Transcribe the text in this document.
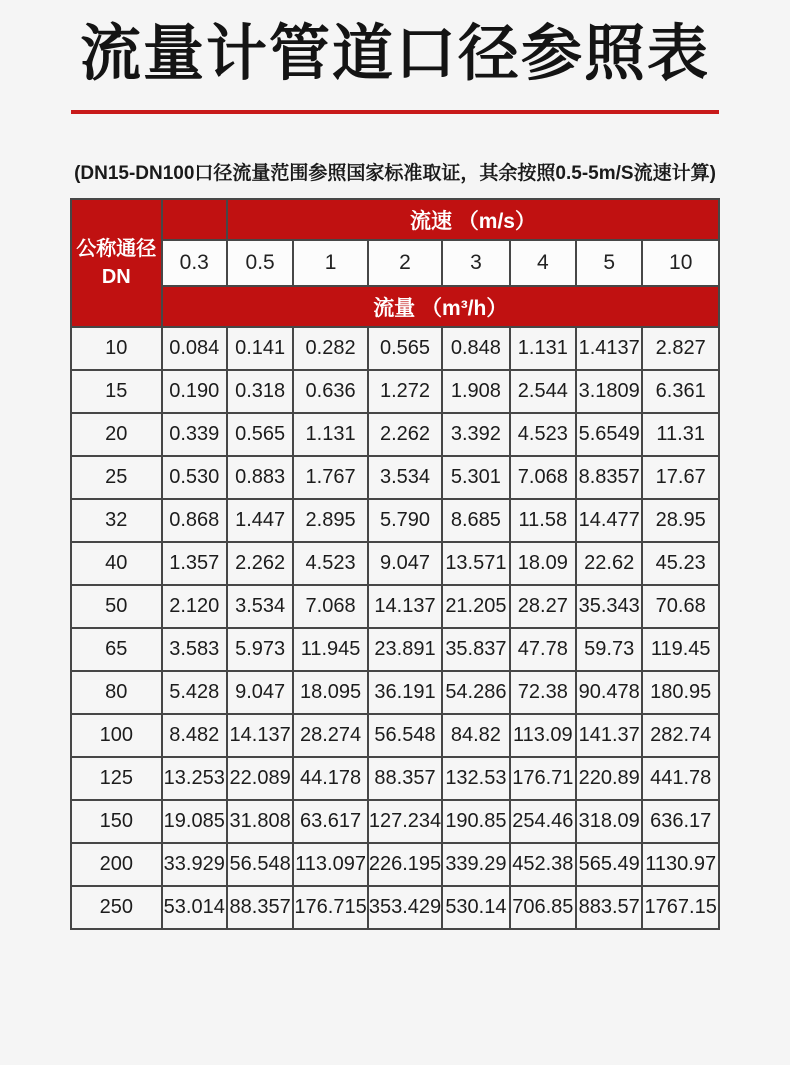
流量计管道口径参照表

(DN15-DN100口径流量范围参照国家标准取证，其余按照0.5-5m/S流速计算)

公称通径
DN		流速 （m/s）						
	0.3	0.5	1	2	3	4	5	10
	流量 （m³/h）							
10	0.084	0.141	0.282	0.565	0.848	1.131	1.4137	2.827
15	0.190	0.318	0.636	1.272	1.908	2.544	3.1809	6.361
20	0.339	0.565	1.131	2.262	3.392	4.523	5.6549	11.31
25	0.530	0.883	1.767	3.534	5.301	7.068	8.8357	17.67
32	0.868	1.447	2.895	5.790	8.685	11.58	14.477	28.95
40	1.357	2.262	4.523	9.047	13.571	18.09	22.62	45.23
50	2.120	3.534	7.068	14.137	21.205	28.27	35.343	70.68
65	3.583	5.973	11.945	23.891	35.837	47.78	59.73	119.45
80	5.428	9.047	18.095	36.191	54.286	72.38	90.478	180.95
100	8.482	14.137	28.274	56.548	84.82	113.09	141.37	282.74
125	13.253	22.089	44.178	88.357	132.53	176.71	220.89	441.78
150	19.085	31.808	63.617	127.234	190.85	254.46	318.09	636.17
200	33.929	56.548	113.097	226.195	339.29	452.38	565.49	1130.97
250	53.014	88.357	176.715	353.429	530.14	706.85	883.57	1767.15
